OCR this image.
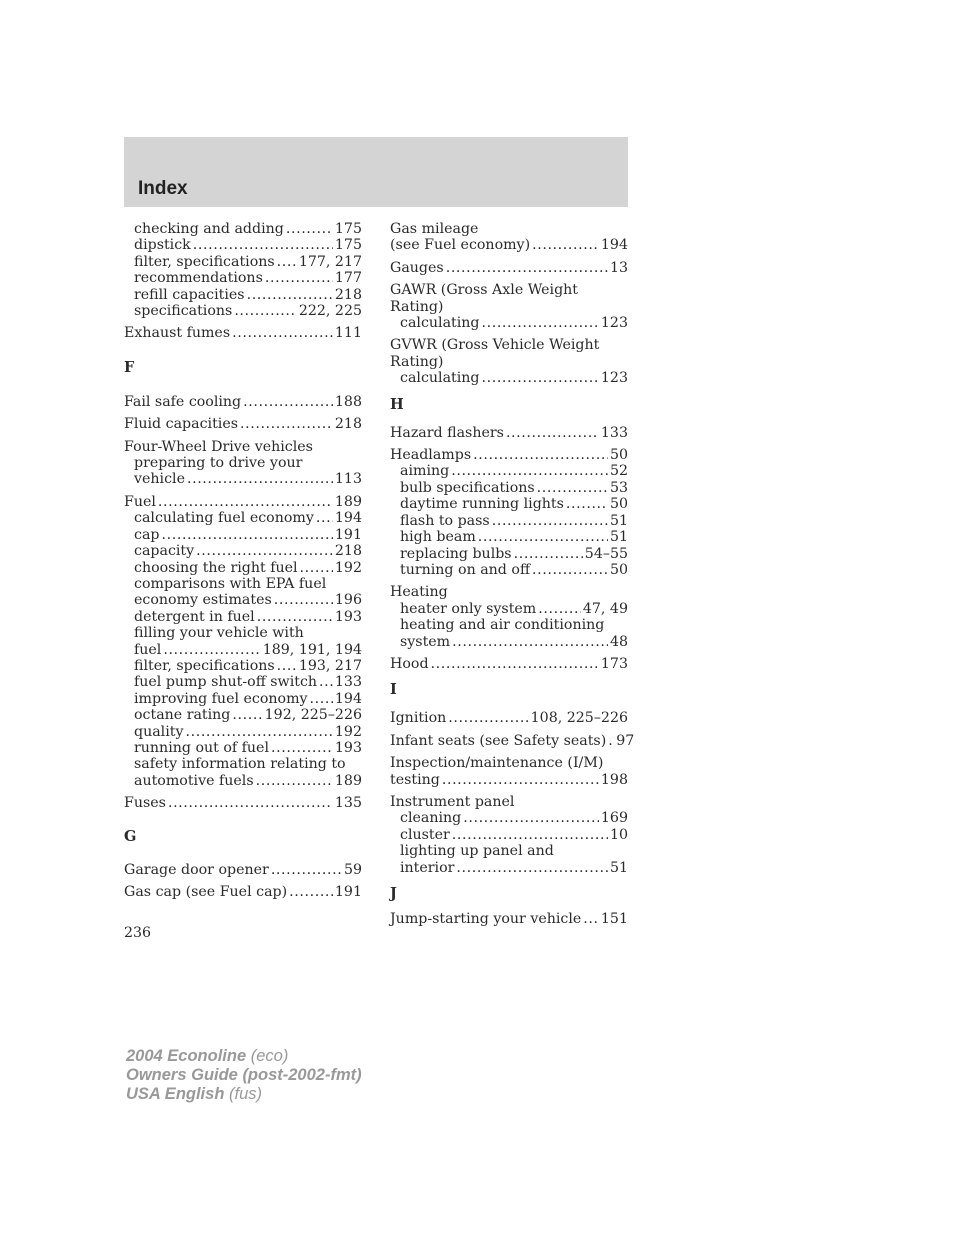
Index
checking and adding .....	175
dipstick .....	175
filter, specifications ..... 177, 217
recommendations .....	177
refill capacities .....	218
specifications .....	222, 225
Exhaust fumes .....	111
F
Fail safe cooling .....	188
Fluid capacities .....	218
Four-Wheel Drive vehicles
preparing to drive your
vehicle .....	113
Fuel .....	189
calculating fuel economy ..... 194
cap .....	191
capacity .....	218
choosing the right fuel .....	192
comparisons with EPA fuel
economy estimates .....	196
detergent in fuel .....	193
filling your vehicle with
fuel .....	189, 191, 194
filter, specifications ..... 193, 217
fuel pump shut-off switch ..... 133
improving fuel economy ..... 194
octane rating ..... 192, 225–226
quality .....	192
running out of fuel .....	193
safety information relating to
automotive fuels .....	189
Fuses .....	135
G
Garage door opener .....	59
Gas cap (see Fuel cap) .....	191
Gas mileage
(see Fuel economy) .....	194
Gauges .....	13
GAWR (Gross Axle Weight
Rating)
calculating .....	123
GVWR (Gross Vehicle Weight
Rating)
calculating .....	123
H
Hazard flashers .....	133
Headlamps .....	50
aiming .....	52
bulb specifications .....	53
daytime running lights .....	50
flash to pass .....	51
high beam .....	51
replacing bulbs .....	54–55
turning on and off .....	50
Heating
heater only system .....	47, 49
heating and air conditioning
system .....	48
Hood .....	173
I
Ignition .....	108, 225–226
Infant seats (see Safety seats) ..... 97
Inspection/maintenance (I/M)
testing .....	198
Instrument panel
cleaning .....	169
cluster .....	10
lighting up panel and
interior .....	51
J
Jump-starting your vehicle ..... 151
236
2004 Econoline (eco)
Owners Guide (post-2002-fmt)
USA English (fus)
